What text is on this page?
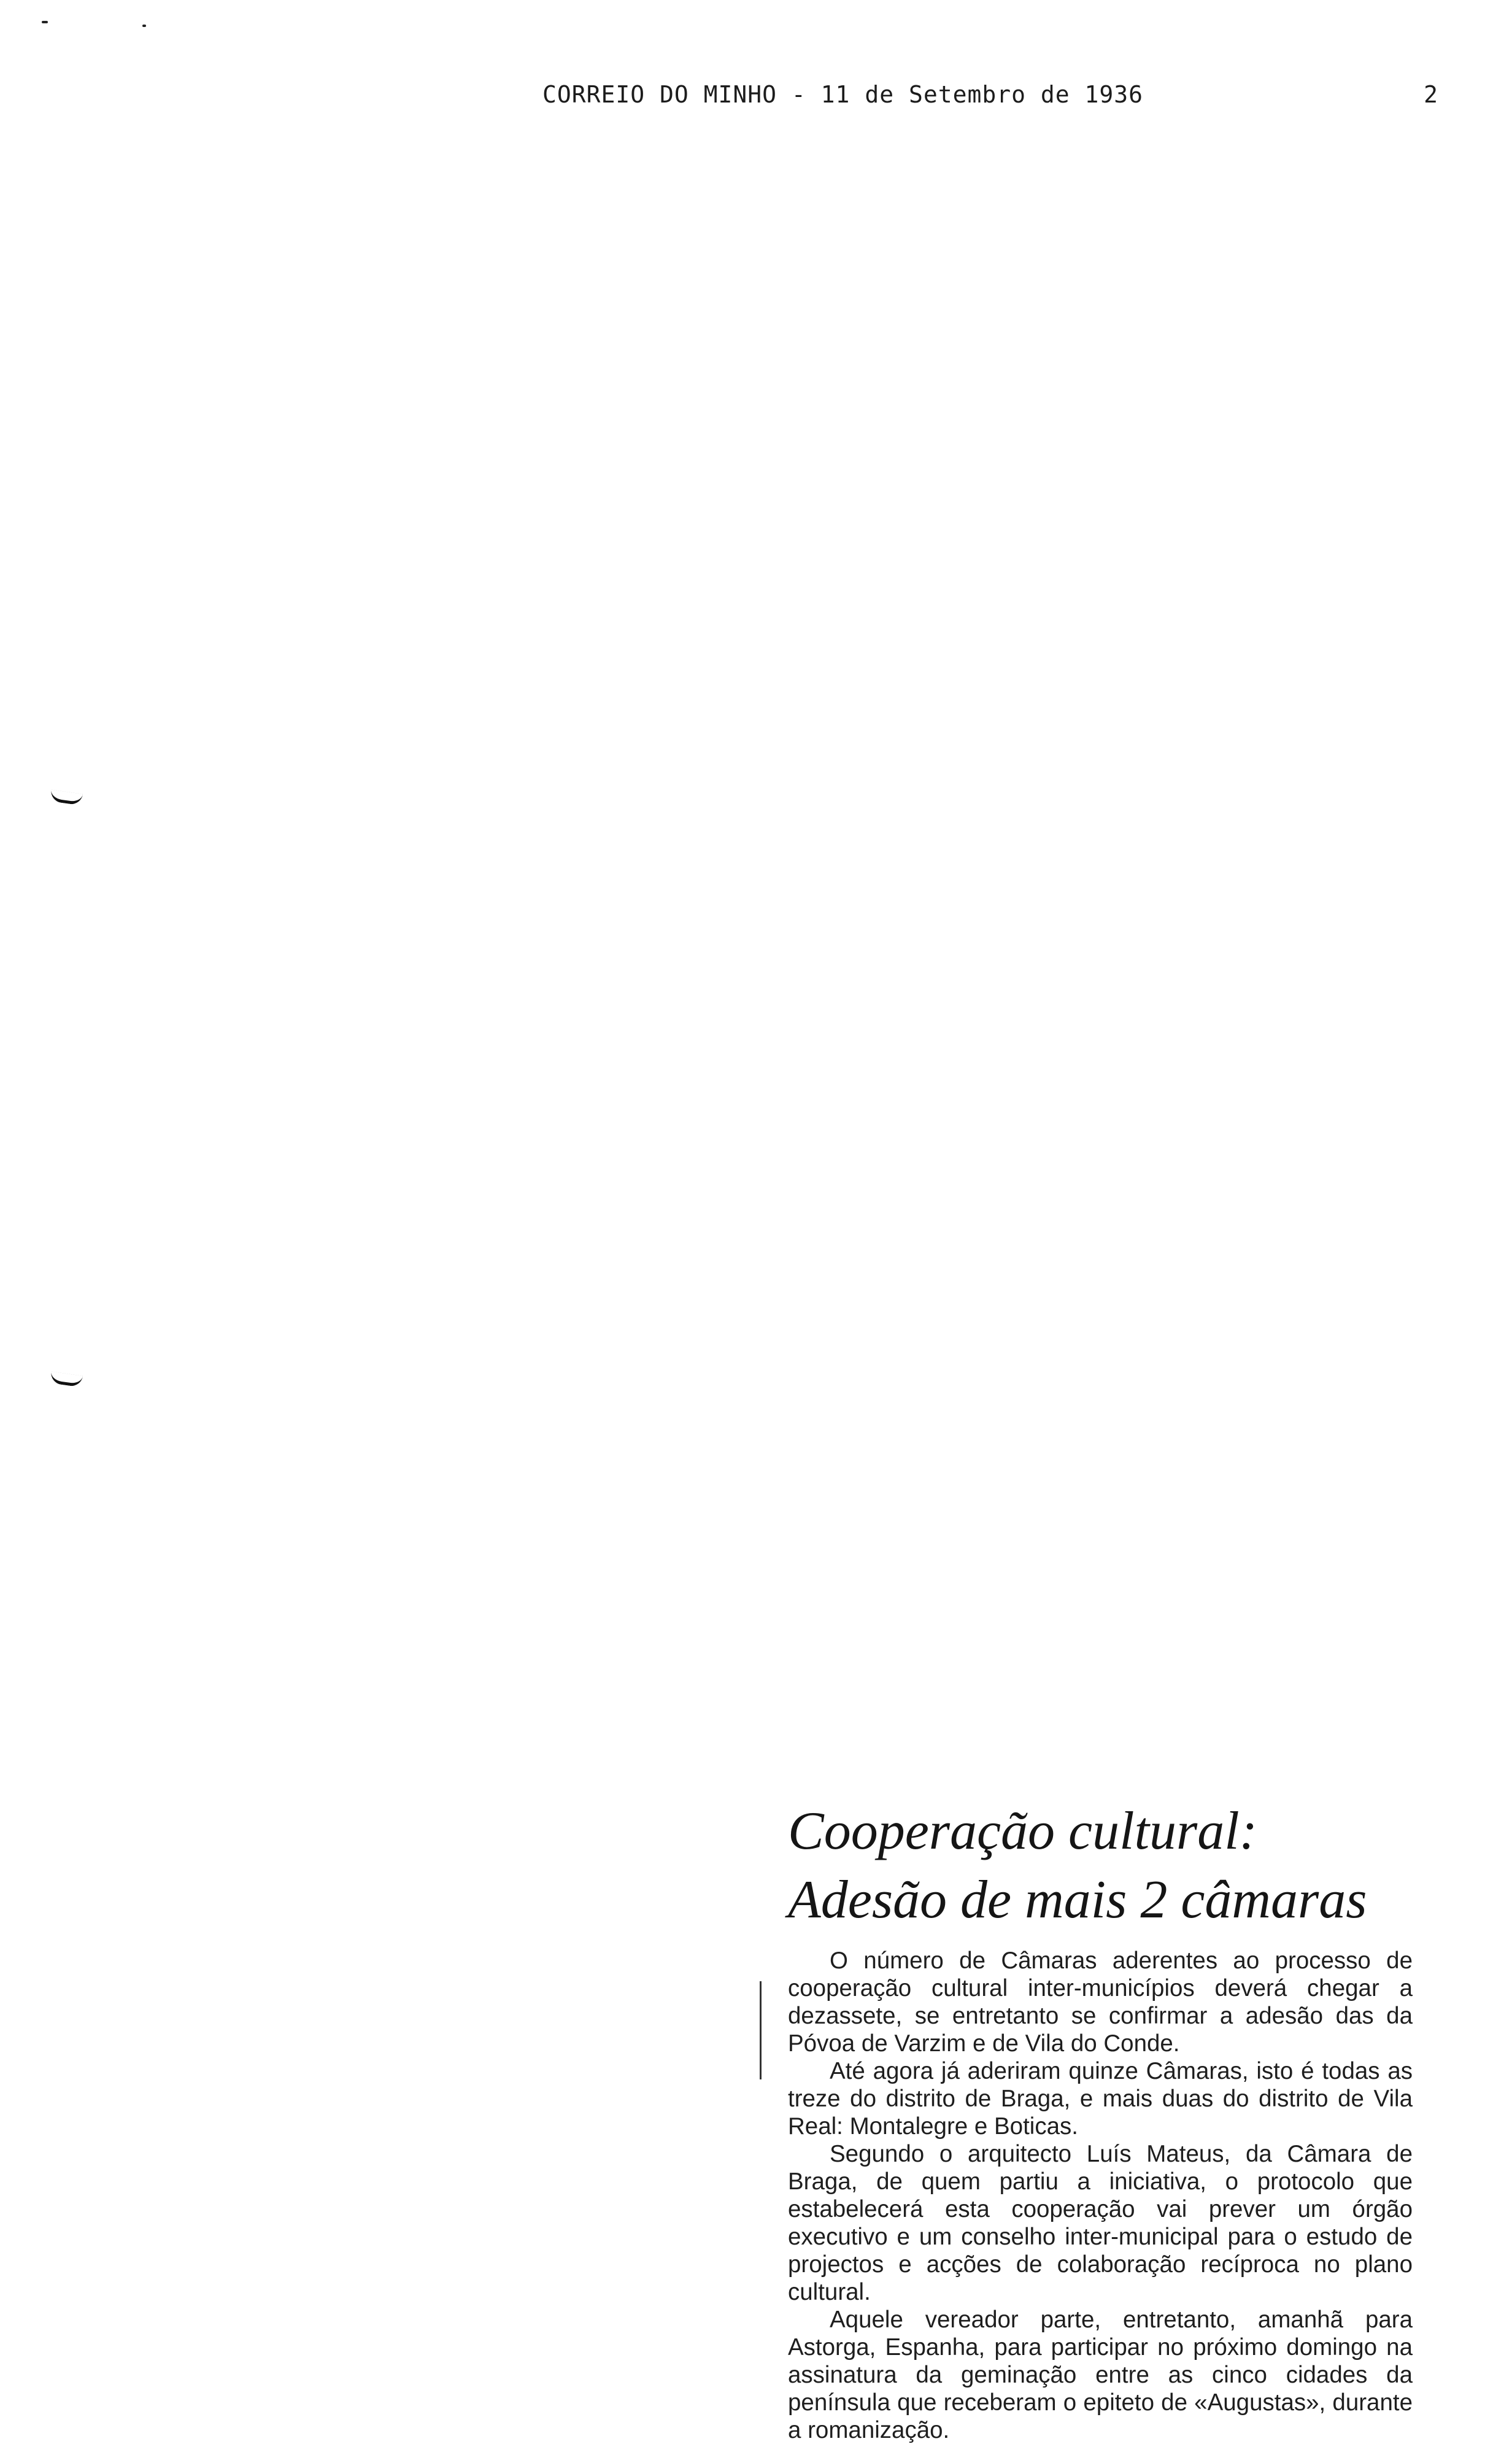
CORREIO DO MINHO - 11 de Setembro de 1936	2
Cooperação cultural:
Adesão de mais 2 câmaras

O número de Câmaras aderentes ao processo de cooperação cultural inter-municípios deverá chegar a dezassete, se entretanto se confirmar a adesão das da Póvoa de Varzim e de Vila do Conde.

Até agora já aderiram quinze Câmaras, isto é todas as treze do distrito de Braga, e mais duas do distrito de Vila Real: Montalegre e Boticas.

Segundo o arquitecto Luís Mateus, da Câmara de Braga, de quem partiu a iniciativa, o protocolo que estabelecerá esta cooperação vai prever um órgão executivo e um conselho inter-municipal para o estudo de projectos e acções de colaboração recíproca no plano cultural.

Aquele vereador parte, entretanto, amanhã para Astorga, Espanha, para participar no próximo domingo na assinatura da geminação entre as cinco cidades da península que receberam o epiteto de «Augustas», durante a romanização.
